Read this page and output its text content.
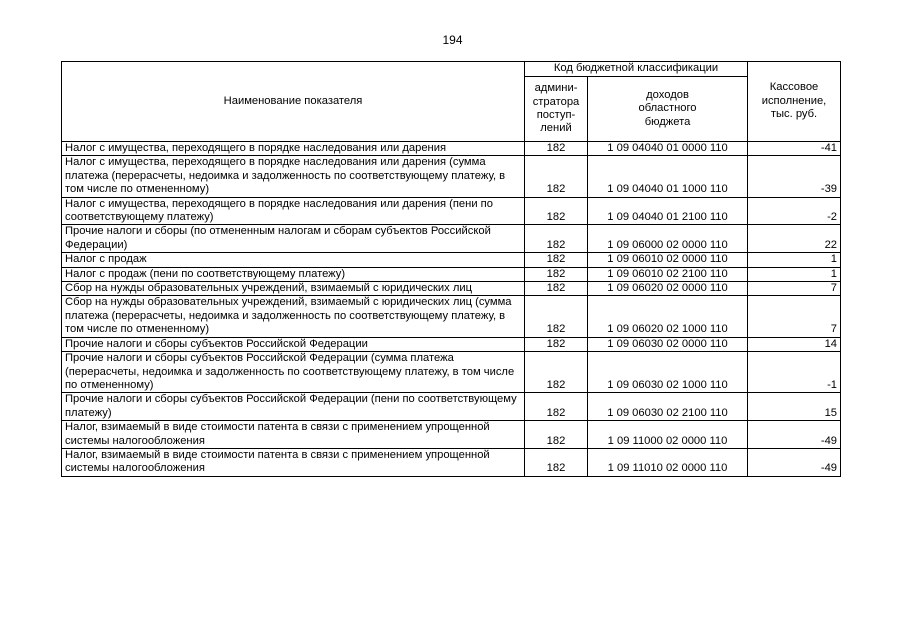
194
Наименование показателя	Код бюджетной классификации		Кассовое
исполнение,
тыс. руб.
	админи-
стратора
поступ-
лений	доходов
областного
бюджета	
Налог с имущества, переходящего в порядке наследования или дарения	182	1 09 04040 01 0000 110	-41
Налог с имущества, переходящего в порядке наследования или дарения (сумма платежа (перерасчеты, недоимка и задолженность по соответствующему платежу, в том числе по отмененному)	182	1 09 04040 01 1000 110	-39
Налог с имущества, переходящего в порядке наследования или дарения (пени по соответствующему платежу)	182	1 09 04040 01 2100 110	-2
Прочие налоги и сборы (по отмененным налогам и сборам субъектов Российской Федерации)	182	1 09 06000 02 0000 110	22
Налог с продаж	182	1 09 06010 02 0000 110	1
Налог с продаж (пени по соответствующему платежу)	182	1 09 06010 02 2100 110	1
Сбор на нужды образовательных учреждений, взимаемый с юридических лиц	182	1 09 06020 02 0000 110	7
Сбор на нужды образовательных учреждений, взимаемый с юридических лиц (сумма платежа (перерасчеты, недоимка и задолженность по соответствующему платежу, в том числе по отмененному)	182	1 09 06020 02 1000 110	7
Прочие налоги и сборы субъектов Российской Федерации	182	1 09 06030 02 0000 110	14
Прочие налоги и сборы субъектов Российской Федерации (сумма платежа (перерасчеты, недоимка и задолженность по соответствующему платежу, в том числе по отмененному)	182	1 09 06030 02 1000 110	-1
Прочие налоги и сборы субъектов Российской Федерации (пени по соответствующему платежу)	182	1 09 06030 02 2100 110	15
Налог, взимаемый в виде стоимости патента в связи с применением упрощенной системы налогообложения	182	1 09 11000 02 0000 110	-49
Налог, взимаемый в виде стоимости патента в связи с применением упрощенной системы налогообложения	182	1 09 11010 02 0000 110	-49
